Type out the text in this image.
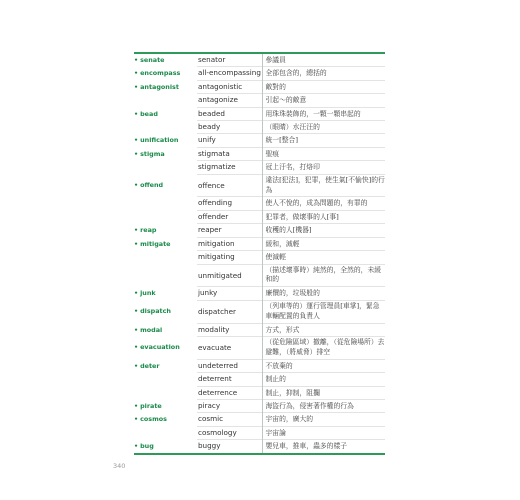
• senate	senator	參議員
• encompass	all-encompassing	全部包含的，總括的
• antagonist	antagonistic	敵對的
	antagonize	引起～的敵意
• bead	beaded	用珠珠裝飾的，一顆一顆串起的
	beady	（眼睛）水汪汪的
• unification	unify	統一[整合]
• stigma	stigmata	聖痕
	stigmatize	冠上汙名，打烙印
• offend	offence	違法[犯法]，犯罪，使生氣[不愉快]的行為
	offending	使人不悅的，成為問題的，有罪的
	offender	犯罪者，做壞事的人[事]
• reap	reaper	收穫的人[機器]
• mitigate	mitigation	緩和，減輕
	mitigating	使減輕
	unmitigated	（描述壞事時）純然的，全然的，未緩和的
• junk	junky	廉價的，垃圾般的
• dispatch	dispatcher	（列車等的）運行管理員[車掌]，緊急車輛配置的負責人
• modal	modality	方式，形式
• evacuation	evacuate	（從危險區域）撤離，（從危險場所）去避難，（將威脅）排空
• deter	undeterred	不放棄的
	deterrent	制止的
	deterrence	制止，抑制，阻攔
• pirate	piracy	海盜行為，侵害著作權的行為
• cosmos	cosmic	宇宙的，廣大的
	cosmology	宇宙論
• bug	buggy	嬰兒車，推車，蟲多的樣子
340
